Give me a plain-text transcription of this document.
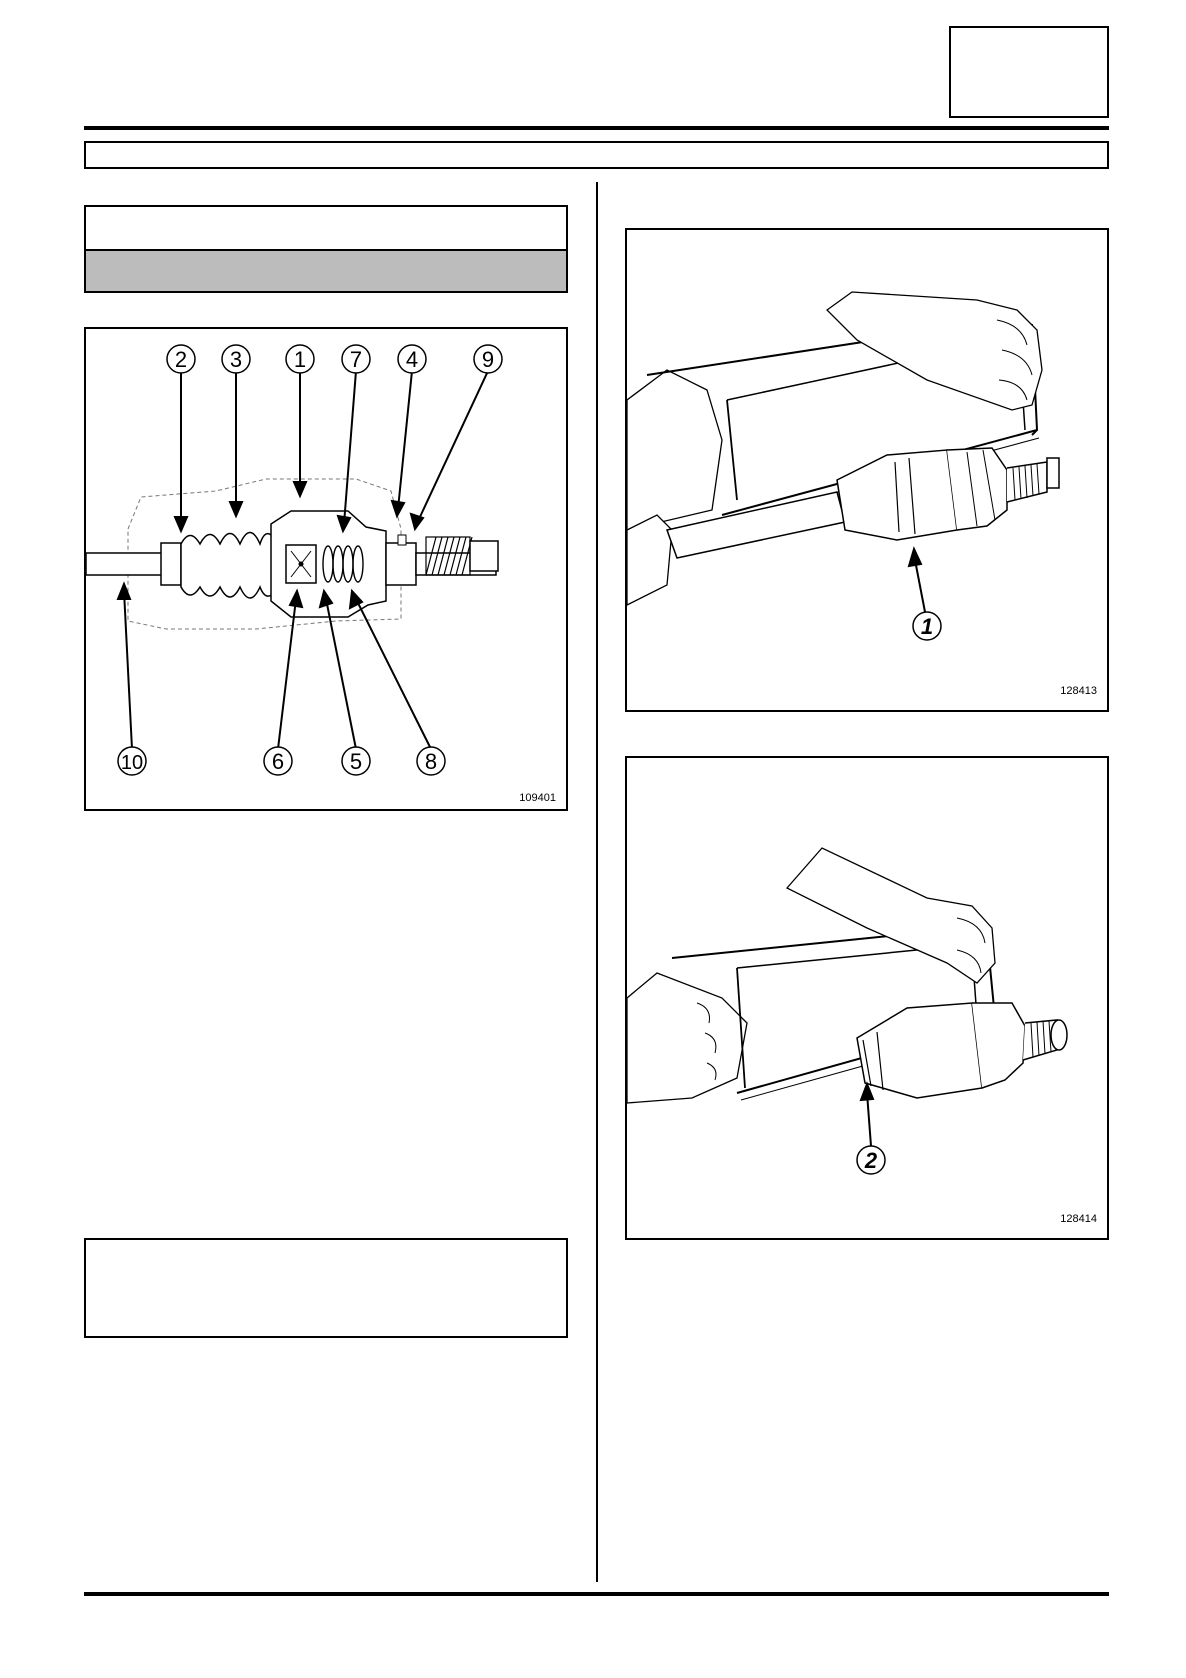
2 3 1 7 4	9
10	6	5	8
109401
1
128413
2
128414
